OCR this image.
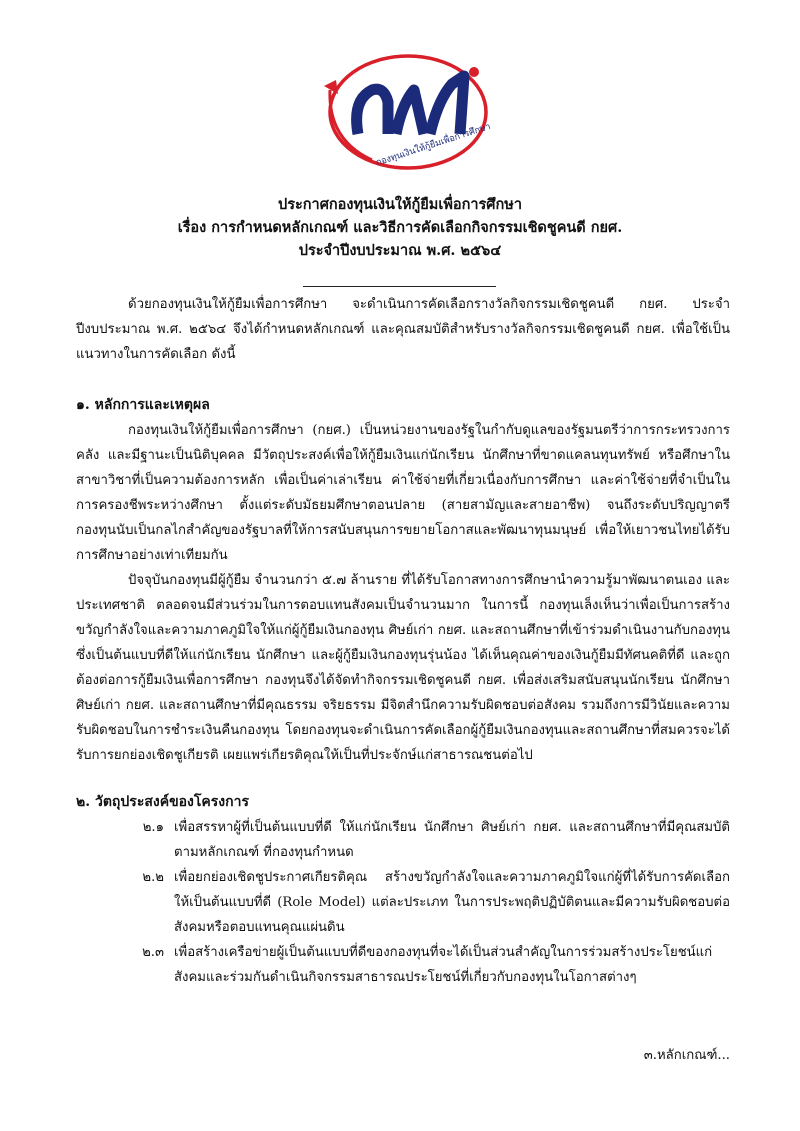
กองทุนเงินให้กู้ยืมเพื่อการศึกษา
ประกาศกองทุนเงินให้กู้ยืมเพื่อการศึกษา
เรื่อง การกำหนดหลักเกณฑ์ และวิธีการคัดเลือกกิจกรรมเชิดชูคนดี กยศ.
ประจำปีงบประมาณ พ.ศ. ๒๕๖๔

ด้วยกองทุนเงินให้กู้ยืมเพื่อการศึกษา จะดำเนินการคัดเลือกรางวัลกิจกรรมเชิดชูคนดี กยศ. ประจำปีงบประมาณ พ.ศ. ๒๕๖๔ จึงได้กำหนดหลักเกณฑ์ และคุณสมบัติสำหรับรางวัลกิจกรรมเชิดชูคนดี กยศ. เพื่อใช้เป็นแนวทางในการคัดเลือก ดังนี้

๑. หลักการและเหตุผล

กองทุนเงินให้กู้ยืมเพื่อการศึกษา (กยศ.) เป็นหน่วยงานของรัฐในกำกับดูแลของรัฐมนตรีว่าการกระทรวงการคลัง และมีฐานะเป็นนิติบุคคล มีวัตถุประสงค์เพื่อให้กู้ยืมเงินแก่นักเรียน นักศึกษาที่ขาดแคลนทุนทรัพย์ หรือศึกษาในสาขาวิชาที่เป็นความต้องการหลัก เพื่อเป็นค่าเล่าเรียน ค่าใช้จ่ายที่เกี่ยวเนื่องกับการศึกษา และค่าใช้จ่ายที่จำเป็นในการครองชีพระหว่างศึกษา ตั้งแต่ระดับมัธยมศึกษาตอนปลาย (สายสามัญและสายอาชีพ) จนถึงระดับปริญญาตรี กองทุนนับเป็นกลไกสำคัญของรัฐบาลที่ให้การสนับสนุนการขยายโอกาสและพัฒนาทุนมนุษย์ เพื่อให้เยาวชนไทยได้รับการศึกษาอย่างเท่าเทียมกัน

ปัจจุบันกองทุนมีผู้กู้ยืม จำนวนกว่า ๕.๗ ล้านราย ที่ได้รับโอกาสทางการศึกษานำความรู้มาพัฒนาตนเอง และประเทศชาติ ตลอดจนมีส่วนร่วมในการตอบแทนสังคมเป็นจำนวนมาก ในการนี้ กองทุนเล็งเห็นว่าเพื่อเป็นการสร้างขวัญกำลังใจและความภาคภูมิใจให้แก่ผู้กู้ยืมเงินกองทุน ศิษย์เก่า กยศ. และสถานศึกษาที่เข้าร่วมดำเนินงานกับกองทุน ซึ่งเป็นต้นแบบที่ดีให้แก่นักเรียน นักศึกษา และผู้กู้ยืมเงินกองทุนรุ่นน้อง ได้เห็นคุณค่าของเงินกู้ยืมมีทัศนคติที่ดี และถูกต้องต่อการกู้ยืมเงินเพื่อการศึกษา กองทุนจึงได้จัดทำกิจกรรมเชิดชูคนดี กยศ. เพื่อส่งเสริมสนับสนุนนักเรียน นักศึกษา ศิษย์เก่า กยศ. และสถานศึกษาที่มีคุณธรรม จริยธรรม มีจิตสำนึกความรับผิดชอบต่อสังคม รวมถึงการมีวินัยและความรับผิดชอบในการชำระเงินคืนกองทุน โดยกองทุนจะดำเนินการคัดเลือกผู้กู้ยืมเงินกองทุนและสถานศึกษาที่สมควรจะได้รับการยกย่องเชิดชูเกียรติ เผยแพร่เกียรติคุณให้เป็นที่ประจักษ์แก่สาธารณชนต่อไป

๒. วัตถุประสงค์ของโครงการ

๒.๑ เพื่อสรรหาผู้ที่เป็นต้นแบบที่ดี ให้แก่นักเรียน นักศึกษา ศิษย์เก่า กยศ. และสถานศึกษาที่มีคุณสมบัติตามหลักเกณฑ์ ที่กองทุนกำหนด
๒.๒ เพื่อยกย่องเชิดชูประกาศเกียรติคุณ สร้างขวัญกำลังใจและความภาคภูมิใจแก่ผู้ที่ได้รับการคัดเลือกให้เป็นต้นแบบที่ดี (Role Model) แต่ละประเภท ในการประพฤติปฏิบัติตนและมีความรับผิดชอบต่อสังคมหรือตอบแทนคุณแผ่นดิน
๒.๓ เพื่อสร้างเครือข่ายผู้เป็นต้นแบบที่ดีของกองทุนที่จะได้เป็นส่วนสำคัญในการร่วมสร้างประโยชน์แก่สังคมและร่วมกันดำเนินกิจกรรมสาธารณประโยชน์ที่เกี่ยวกับกองทุนในโอกาสต่างๆ
๓.หลักเกณฑ์...
